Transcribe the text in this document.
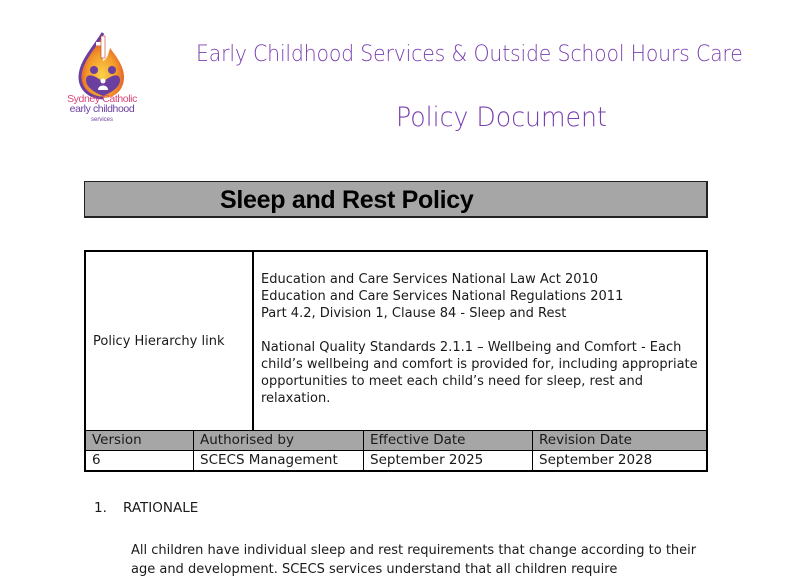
Sydney Catholic
early childhood
services
Early Childhood Services & Outside School Hours Care
Policy Document
Sleep and Rest Policy
Policy Hierarchy link

Education and Care Services National Law Act 2010
Education and Care Services National Regulations 2011
Part 4.2, Division 1, Clause 84 - Sleep and Rest

National Quality Standards 2.1.1 – Wellbeing and Comfort - Each child’s wellbeing and comfort is provided for, including appropriate opportunities to meet each child’s need for sleep, rest and relaxation.

Version	Authorised by	Effective Date	Revision Date
6	SCECS Management	September 2025	September 2028
1. RATIONALE
All children have individual sleep and rest requirements that change according to their age and development. SCECS services understand that all children require
